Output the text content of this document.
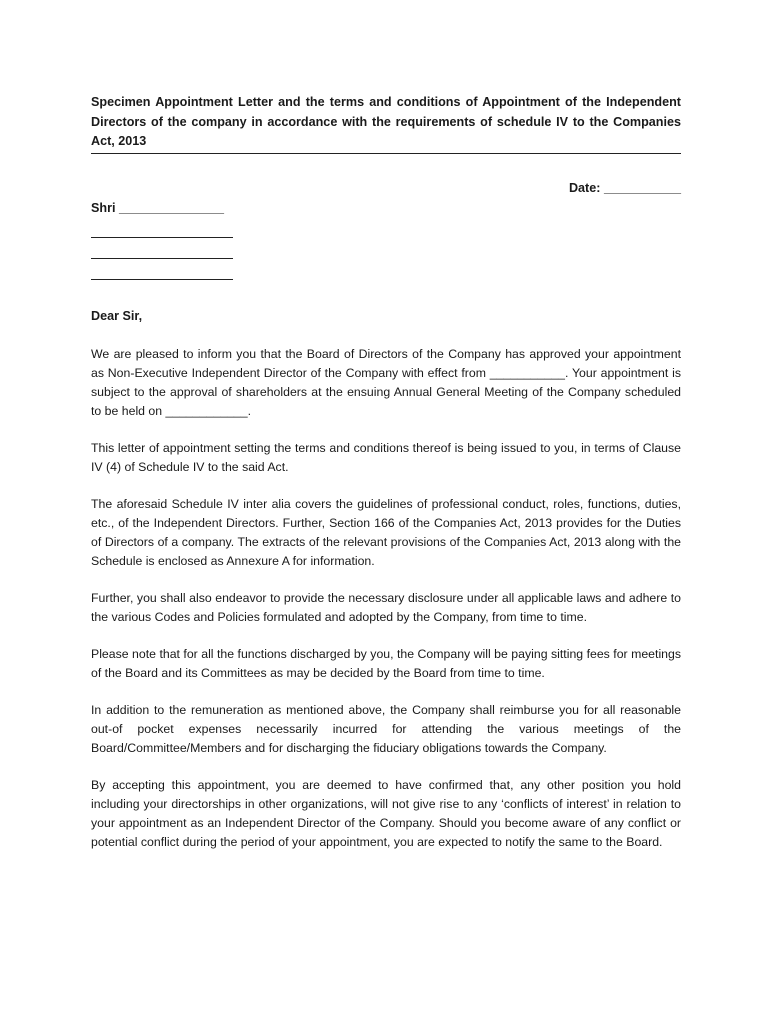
Specimen Appointment Letter and the terms and conditions of Appointment of the Independent Directors of the company in accordance with the requirements of schedule IV to the Companies Act, 2013

Date: ___________
Shri _______________
Dear Sir,

We are pleased to inform you that the Board of Directors of the Company has approved your appointment as Non-Executive Independent Director of the Company with effect from ___________. Your appointment is subject to the approval of shareholders at the ensuing Annual General Meeting of the Company scheduled to be held on ____________.

This letter of appointment setting the terms and conditions thereof is being issued to you, in terms of Clause IV (4) of Schedule IV to the said Act.

The aforesaid Schedule IV inter alia covers the guidelines of professional conduct, roles, functions, duties, etc., of the Independent Directors. Further, Section 166 of the Companies Act, 2013 provides for the Duties of Directors of a company. The extracts of the relevant provisions of the Companies Act, 2013 along with the Schedule is enclosed as Annexure A for information.

Further, you shall also endeavor to provide the necessary disclosure under all applicable laws and adhere to the various Codes and Policies formulated and adopted by the Company, from time to time.

Please note that for all the functions discharged by you, the Company will be paying sitting fees for meetings of the Board and its Committees as may be decided by the Board from time to time.

In addition to the remuneration as mentioned above, the Company shall reimburse you for all reasonable out-of pocket expenses necessarily incurred for attending the various meetings of the Board/Committee/Members and for discharging the fiduciary obligations towards the Company.

By accepting this appointment, you are deemed to have confirmed that, any other position you hold including your directorships in other organizations, will not give rise to any ‘conflicts of interest’ in relation to your appointment as an Independent Director of the Company. Should you become aware of any conflict or potential conflict during the period of your appointment, you are expected to notify the same to the Board.
